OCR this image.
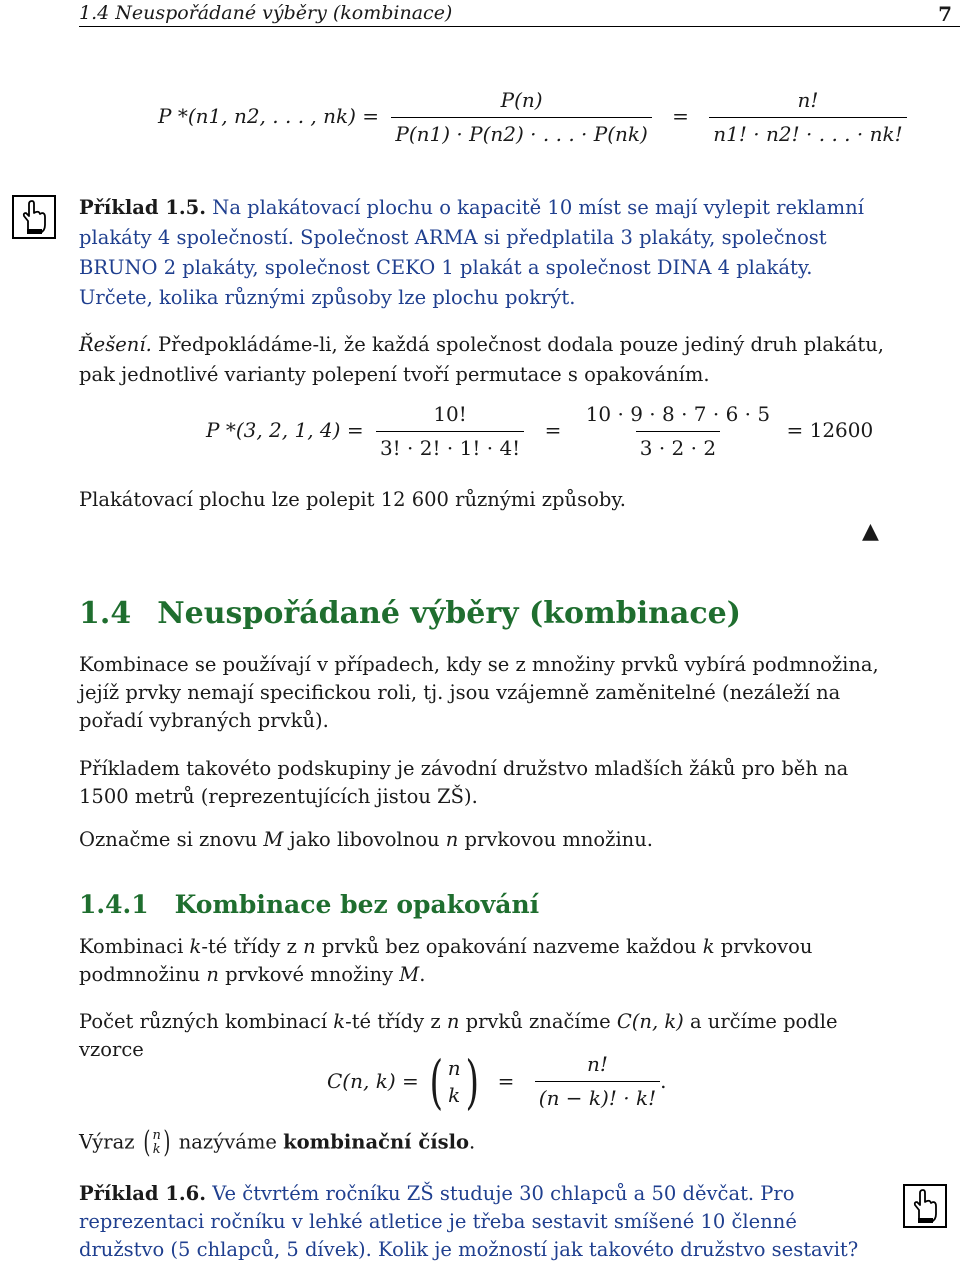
1.4 Neuspořádané výběry (kombinace)	7
P *(n1, n2, . . . , $nk) = \frac{P(n)}{P(n1) \cdot P(n2) \cdot . . . \cdot P(nk)} = \frac{n!}{n1! \cdot n2! \cdot . . . \cdot nk!}$
Příklad 1.5. Na plakátovací plochu o kapacitě 10 míst se mají vylepit reklamní plakáty 4 společností. Společnost ARMA si předplatila 3 plakáty, společnost BRUNO 2 plakáty, společnost CEKO 1 plakát a společnost DINA 4 plakáty. Určete, kolika různými způsoby lze plochu pokrýt.
Řešení. Předpokládáme-li, že každá společnost dodala pouze jediný druh plakátu, pak jednotlivé varianty polepení tvoří permutace s opakováním.
P *(3, 2, 1, $4) = \frac{10!}{3! \cdot 2! \cdot 1! \cdot 4!} = \frac{10 \cdot 9 \cdot 8 \cdot 7 \cdot 6 \cdot 5}{3 \cdot 2 \cdot 2} = 12600$
Plakátovací plochu lze polepit 12 600 různými způsoby.
▲
1.4 Neuspořádané výběry (kombinace)
Kombinace se používají v případech, kdy se z množiny prvků vybírá podmnožina, jejíž prvky nemají specifickou roli, tj. jsou vzájemně zaměnitelné (nezáleží na pořadí vybraných prvků).
Příkladem takovéto podskupiny je závodní družstvo mladších žáků pro běh na 1500 metrů (reprezentujících jistou ZŠ).
Označme si znovu M jako libovolnou n prvkovou množinu.
1.4.1 Kombinace bez opakování
Kombinaci k-té třídy z n prvků bez opakování nazveme každou k prvkovou podmnožinu n prvkové množiny M.
Počet různých kombinací k-té třídy z n prvků značíme C(n, k) a určíme podle vzorce
C(n, k) = ( n
k ) = $\frac{n!}{(n - k)! \cdot k!}$ .
Výraz ( n
k ) nazýváme kombinační číslo.
Příklad 1.6. Ve čtvrtém ročníku ZŠ studuje 30 chlapců a 50 děvčat. Pro reprezentaci ročníku v lehké atletice je třeba sestavit smíšené 10 členné družstvo (5 chlapců, 5 dívek). Kolik je možností jak takovéto družstvo sestavit?
